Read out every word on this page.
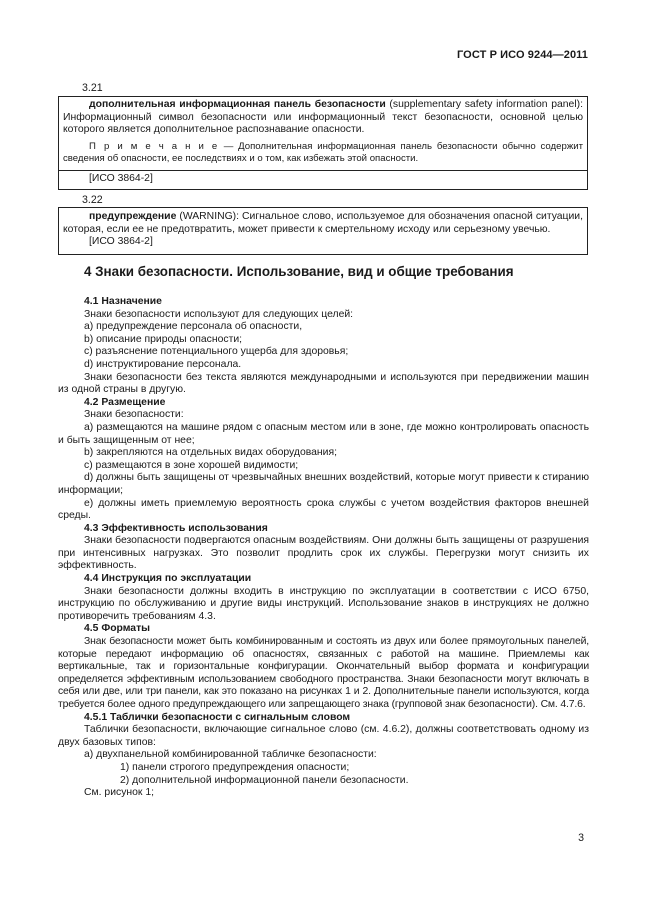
ГОСТ Р ИСО 9244—2011
3.21

дополнительная информационная панель безопасности (supplementary safety information panel): Информационный символ безопасности или информационный текст безопасности, основной целью которого является дополнительное распознавание опасности.

П р и м е ч а н и е — Дополнительная информационная панель безопасности обычно содержит сведения об опасности, ее последствиях и о том, как избежать этой опасности.

[ИСО 3864-2]

3.22

предупреждение (WARNING): Сигнальное слово, используемое для обозначения опасной ситуации, которая, если ее не предотвратить, может привести к смертельному исходу или серьезному увечью.

[ИСО 3864-2]

4 Знаки безопасности. Использование, вид и общие требования

4.1 Назначение

Знаки безопасности используют для следующих целей:

a) предупреждение персонала об опасности,

b) описание природы опасности;

c) разъяснение потенциального ущерба для здоровья;

d) инструктирование персонала.

Знаки безопасности без текста являются международными и используются при передвижении машин из одной страны в другую.

4.2 Размещение

Знаки безопасности:

a) размещаются на машине рядом с опасным местом или в зоне, где можно контролировать опасность и быть защищенным от нее;

b) закрепляются на отдельных видах оборудования;

c) размещаются в зоне хорошей видимости;

d) должны быть защищены от чрезвычайных внешних воздействий, которые могут привести к стиранию информации;

e) должны иметь приемлемую вероятность срока службы с учетом воздействия факторов внешней среды.

4.3 Эффективность использования

Знаки безопасности подвергаются опасным воздействиям. Они должны быть защищены от разрушения при интенсивных нагрузках. Это позволит продлить срок их службы. Перегрузки могут снизить их эффективность.

4.4 Инструкция по эксплуатации

Знаки безопасности должны входить в инструкцию по эксплуатации в соответствии с ИСО 6750, инструкцию по обслуживанию и другие виды инструкций. Использование знаков в инструкциях не должно противоречить требованиям 4.3.

4.5 Форматы

Знак безопасности может быть комбинированным и состоять из двух или более прямоугольных панелей, которые передают информацию об опасностях, связанных с работой на машине. Приемлемы как вертикальные, так и горизонтальные конфигурации. Окончательный выбор формата и конфигурации определяется эффективным использованием свободного пространства. Знаки безопасности могут включать в себя или две, или три панели, как это показано на рисунках 1 и 2. Дополнительные панели используются, когда требуется более одного предупреждающего или запрещающего знака (групповой знак безопасности). См. 4.7.6.

4.5.1 Таблички безопасности с сигнальным словом

Таблички безопасности, включающие сигнальное слово (см. 4.6.2), должны соответствовать одному из двух базовых типов:

a) двухпанельной комбинированной табличке безопасности:

1) панели строгого предупреждения опасности;

2) дополнительной информационной панели безопасности.

См. рисунок 1;

3
